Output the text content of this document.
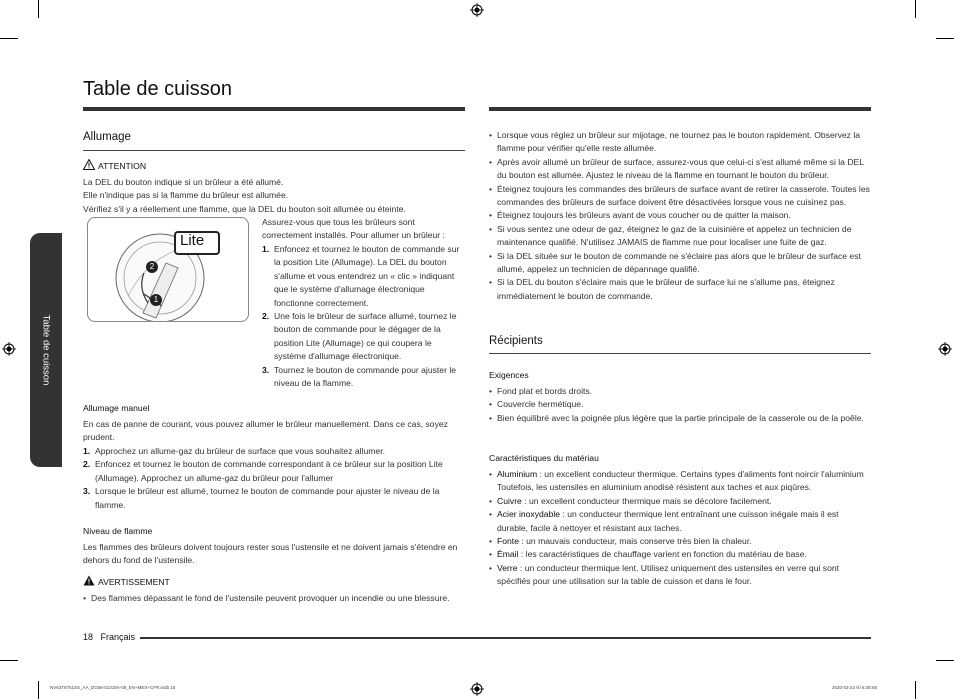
Table de cuisson
Table de cuisson
Allumage
ATTENTION
La DEL du bouton indique si un brûleur a été allumé.
Elle n'indique pas si la flamme du brûleur est allumée.
Vérifiez s'il y a réellement une flamme, que la DEL du bouton soit allumée ou éteinte.
Lite
2
1
Assurez-vous que tous les brûleurs sont correctement installés. Pour allumer un brûleur :
1. Enfoncez et tournez le bouton de commande sur la position Lite (Allumage). La DEL du bouton s'allume et vous entendrez un « clic » indiquant que le système d'allumage électronique fonctionne correctement.
2. Une fois le brûleur de surface allumé, tournez le bouton de commande pour le dégager de la position Lite (Allumage) ce qui coupera le système d'allumage électronique.
3. Tournez le bouton de commande pour ajuster le niveau de la flamme.
Allumage manuel
En cas de panne de courant, vous pouvez allumer le brûleur manuellement. Dans ce cas, soyez prudent.
1. Approchez un allume-gaz du brûleur de surface que vous souhaitez allumer.
2. Enfoncez et tournez le bouton de commande correspondant à ce brûleur sur la position Lite (Allumage). Approchez un allume-gaz du brûleur pour l'allumer
3. Lorsque le brûleur est allumé, tournez le bouton de commande pour ajuster le niveau de la flamme.
Niveau de flamme
Les flammes des brûleurs doivent toujours rester sous l'ustensile et ne doivent jamais s'étendre en dehors du fond de l'ustensile.
AVERTISSEMENT
• Des flammes dépassant le fond de l'ustensile peuvent provoquer un incendie ou une blessure.
• Lorsque vous réglez un brûleur sur mijotage, ne tournez pas le bouton rapidement. Observez la flamme pour vérifier qu'elle reste allumée.
• Après avoir allumé un brûleur de surface, assurez-vous que celui-ci s'est allumé même si la DEL du bouton est allumée. Ajustez le niveau de la flamme en tournant le bouton du brûleur.
• Éteignez toujours les commandes des brûleurs de surface avant de retirer la casserole. Toutes les commandes des brûleurs de surface doivent être désactivées lorsque vous ne cuisinez pas.
• Éteignez toujours les brûleurs avant de vous coucher ou de quitter la maison.
• Si vous sentez une odeur de gaz, éteignez le gaz de la cuisinière et appelez un technicien de maintenance qualifié. N'utilisez JAMAIS de flamme nue pour localiser une fuite de gaz.
• Si la DEL située sur le bouton de commande ne s'éclaire pas alors que le brûleur de surface est allumé, appelez un technicien de dépannage qualifié.
• Si la DEL du bouton s'éclaire mais que le brûleur de surface lui ne s'allume pas, éteignez immédiatement le bouton de commande.
Récipients
Exigences
• Fond plat et bords droits.
• Couvercle hermétique.
• Bien équilibré avec la poignée plus légère que la partie principale de la casserole ou de la poêle.
Caractéristiques du matériau
• Aluminium : un excellent conducteur thermique. Certains types d'aliments font noircir l'aluminium Toutefois, les ustensiles en aluminium anodisé résistent aux taches et aux piqûres.
• Cuivre : un excellent conducteur thermique mais se décolore facilement.
• Acier inoxydable : un conducteur thermique lent entraînant une cuisson inégale mais il est durable, facile à nettoyer et résistant aux taches.
• Fonte : un mauvais conducteur, mais conserve très bien la chaleur.
• Émail : les caractéristiques de chauffage varient en fonction du matériau de base.
• Verre : un conducteur thermique lent. Utilisez uniquement des ustensiles en verre qui sont spécifiés pour une utilisation sur la table de cuisson et dans le four.
18 Français
NV63T8751SS_AA_DG68-01318A-08_EN+MES+CFR.indb 18	2020-03-23 ￼ 6:48:56
